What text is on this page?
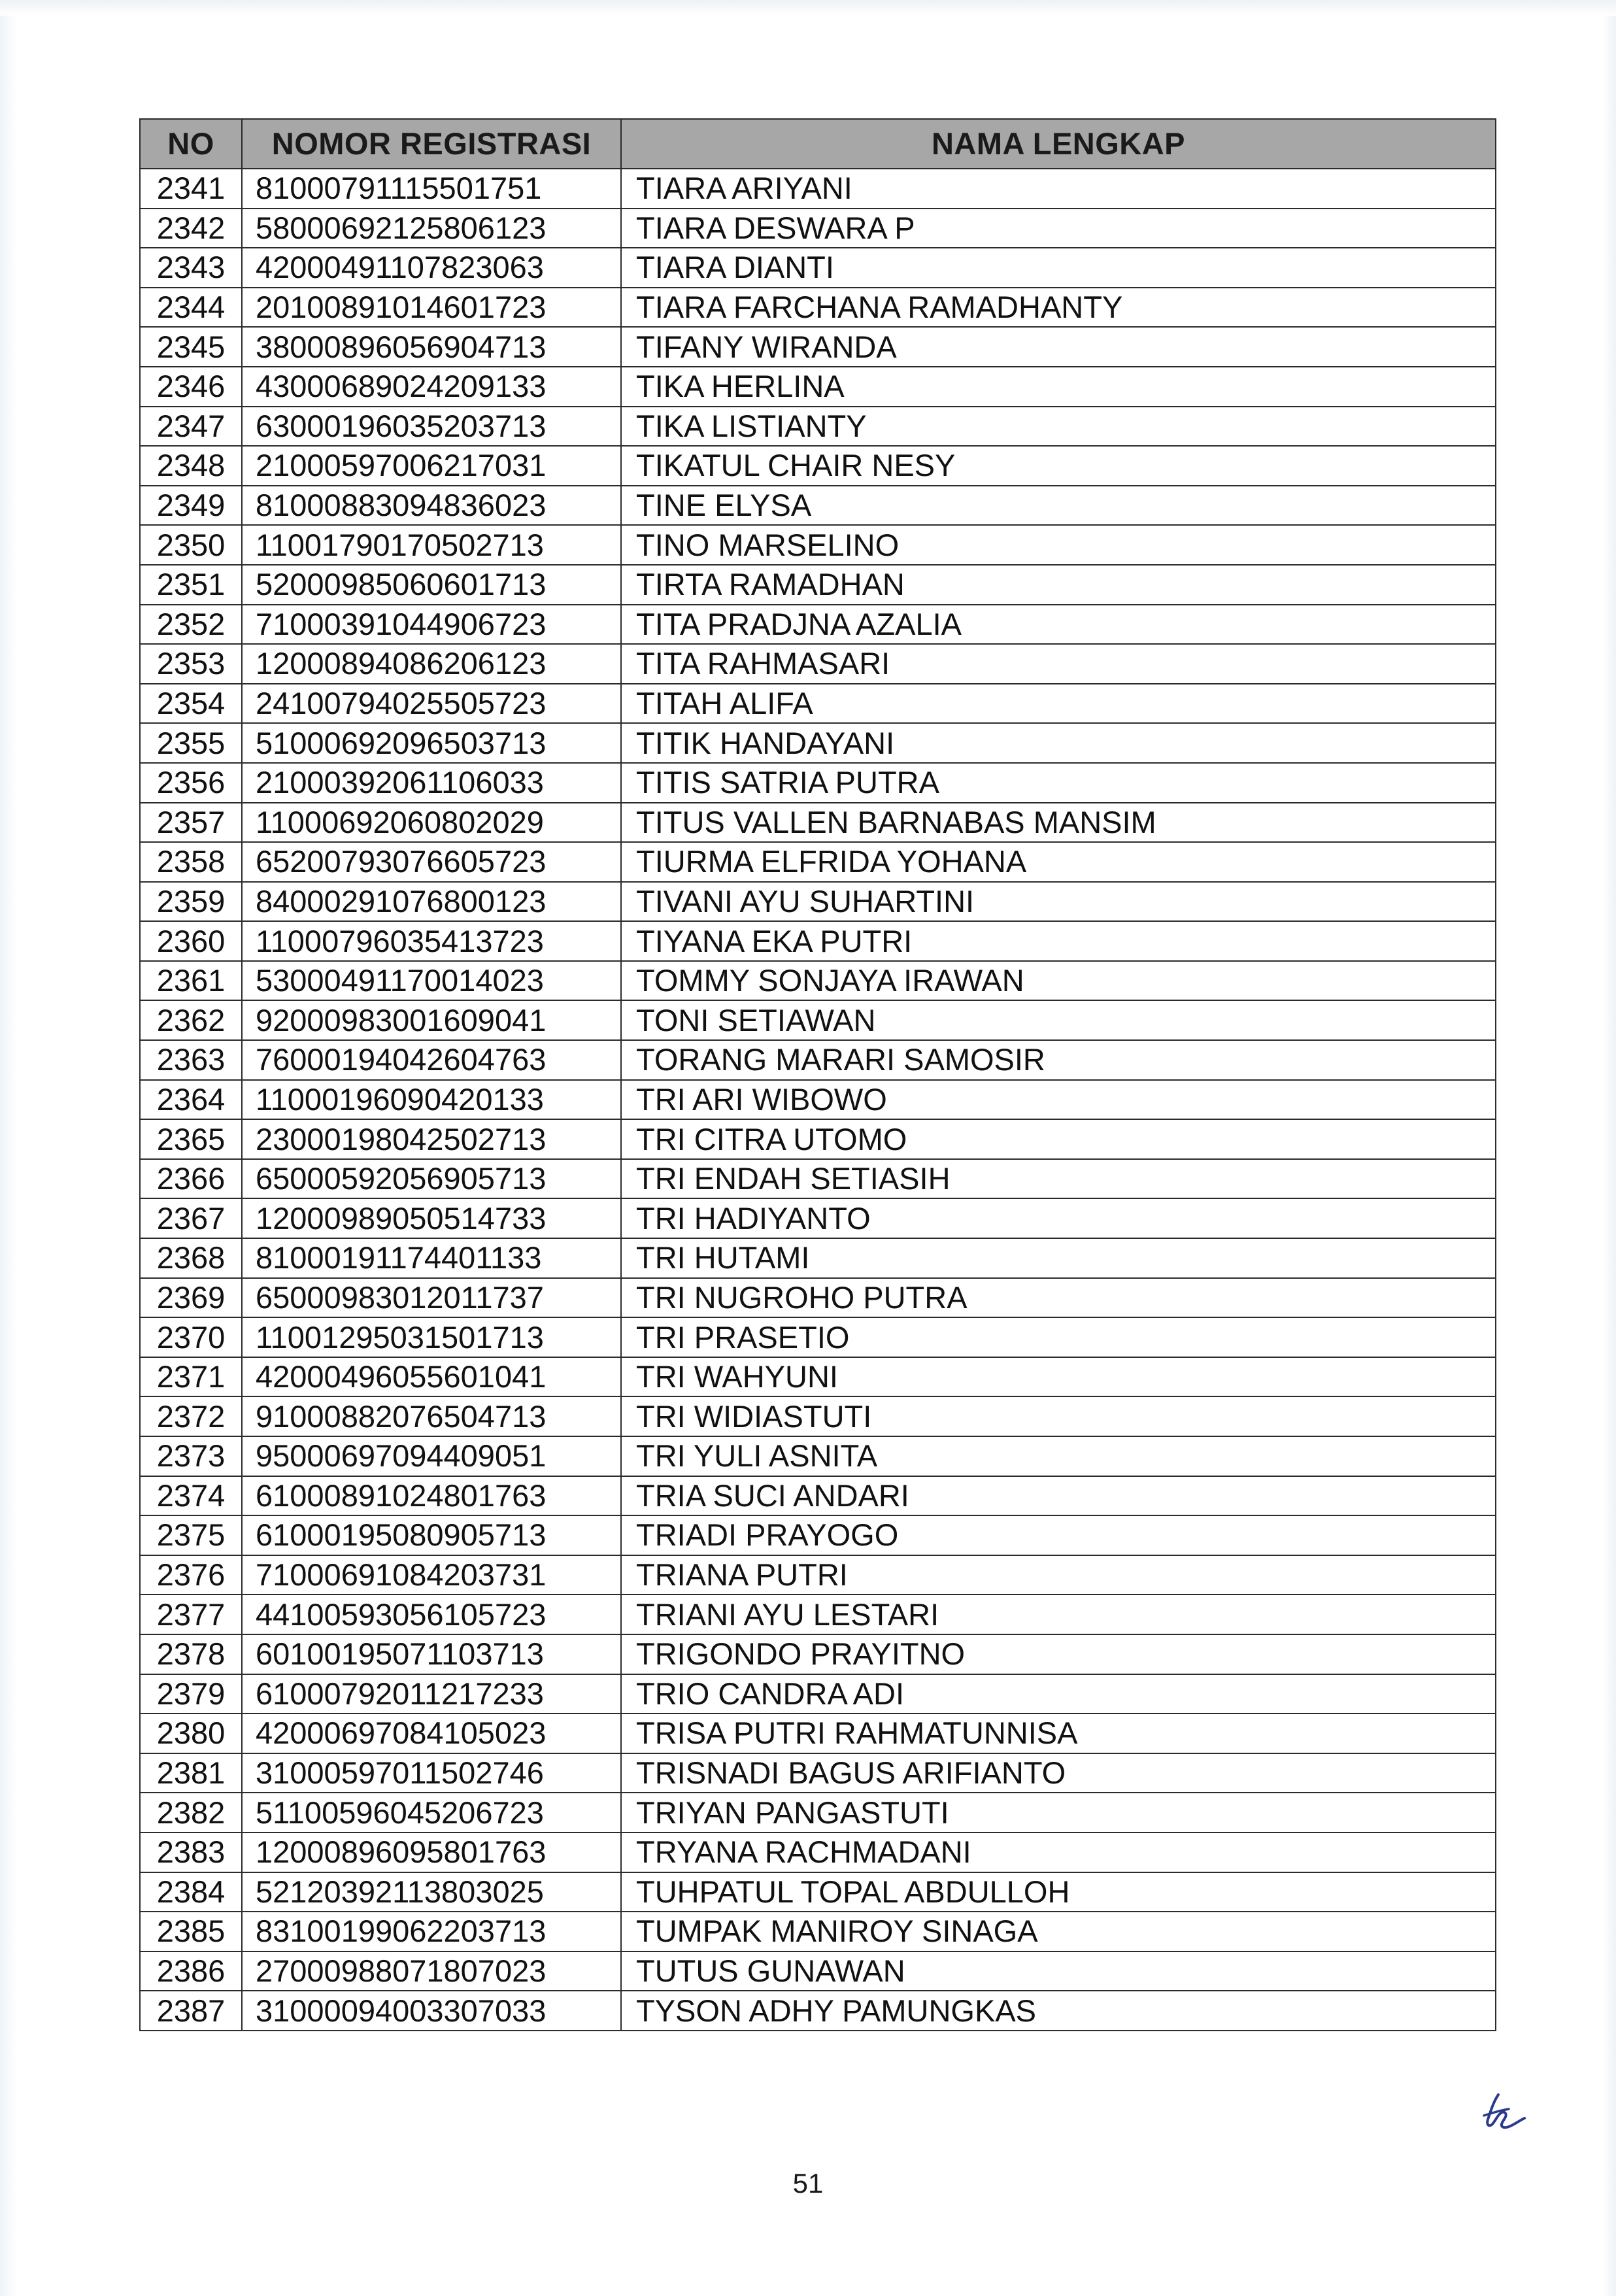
NO	NOMOR REGISTRASI	NAMA LENGKAP
2341	81000791115501751	TIARA ARIYANI
2342	58000692125806123	TIARA DESWARA P
2343	42000491107823063	TIARA DIANTI
2344	20100891014601723	TIARA FARCHANA RAMADHANTY
2345	38000896056904713	TIFANY WIRANDA
2346	43000689024209133	TIKA HERLINA
2347	63000196035203713	TIKA LISTIANTY
2348	21000597006217031	TIKATUL CHAIR NESY
2349	81000883094836023	TINE ELYSA
2350	11001790170502713	TINO MARSELINO
2351	52000985060601713	TIRTA RAMADHAN
2352	71000391044906723	TITA PRADJNA AZALIA
2353	12000894086206123	TITA RAHMASARI
2354	24100794025505723	TITAH ALIFA
2355	51000692096503713	TITIK HANDAYANI
2356	21000392061106033	TITIS SATRIA PUTRA
2357	11000692060802029	TITUS VALLEN BARNABAS MANSIM
2358	65200793076605723	TIURMA ELFRIDA YOHANA
2359	84000291076800123	TIVANI AYU SUHARTINI
2360	11000796035413723	TIYANA EKA PUTRI
2361	53000491170014023	TOMMY SONJAYA IRAWAN
2362	92000983001609041	TONI SETIAWAN
2363	76000194042604763	TORANG MARARI SAMOSIR
2364	11000196090420133	TRI ARI WIBOWO
2365	23000198042502713	TRI CITRA UTOMO
2366	65000592056905713	TRI ENDAH SETIASIH
2367	12000989050514733	TRI HADIYANTO
2368	81000191174401133	TRI HUTAMI
2369	65000983012011737	TRI NUGROHO PUTRA
2370	11001295031501713	TRI PRASETIO
2371	42000496055601041	TRI WAHYUNI
2372	91000882076504713	TRI WIDIASTUTI
2373	95000697094409051	TRI YULI ASNITA
2374	61000891024801763	TRIA SUCI ANDARI
2375	61000195080905713	TRIADI PRAYOGO
2376	71000691084203731	TRIANA PUTRI
2377	44100593056105723	TRIANI AYU LESTARI
2378	60100195071103713	TRIGONDO PRAYITNO
2379	61000792011217233	TRIO CANDRA ADI
2380	42000697084105023	TRISA PUTRI RAHMATUNNISA
2381	31000597011502746	TRISNADI BAGUS ARIFIANTO
2382	51100596045206723	TRIYAN PANGASTUTI
2383	12000896095801763	TRYANA RACHMADANI
2384	52120392113803025	TUHPATUL TOPAL ABDULLOH
2385	83100199062203713	TUMPAK MANIROY SINAGA
2386	27000988071807023	TUTUS GUNAWAN
2387	31000094003307033	TYSON ADHY PAMUNGKAS
51
